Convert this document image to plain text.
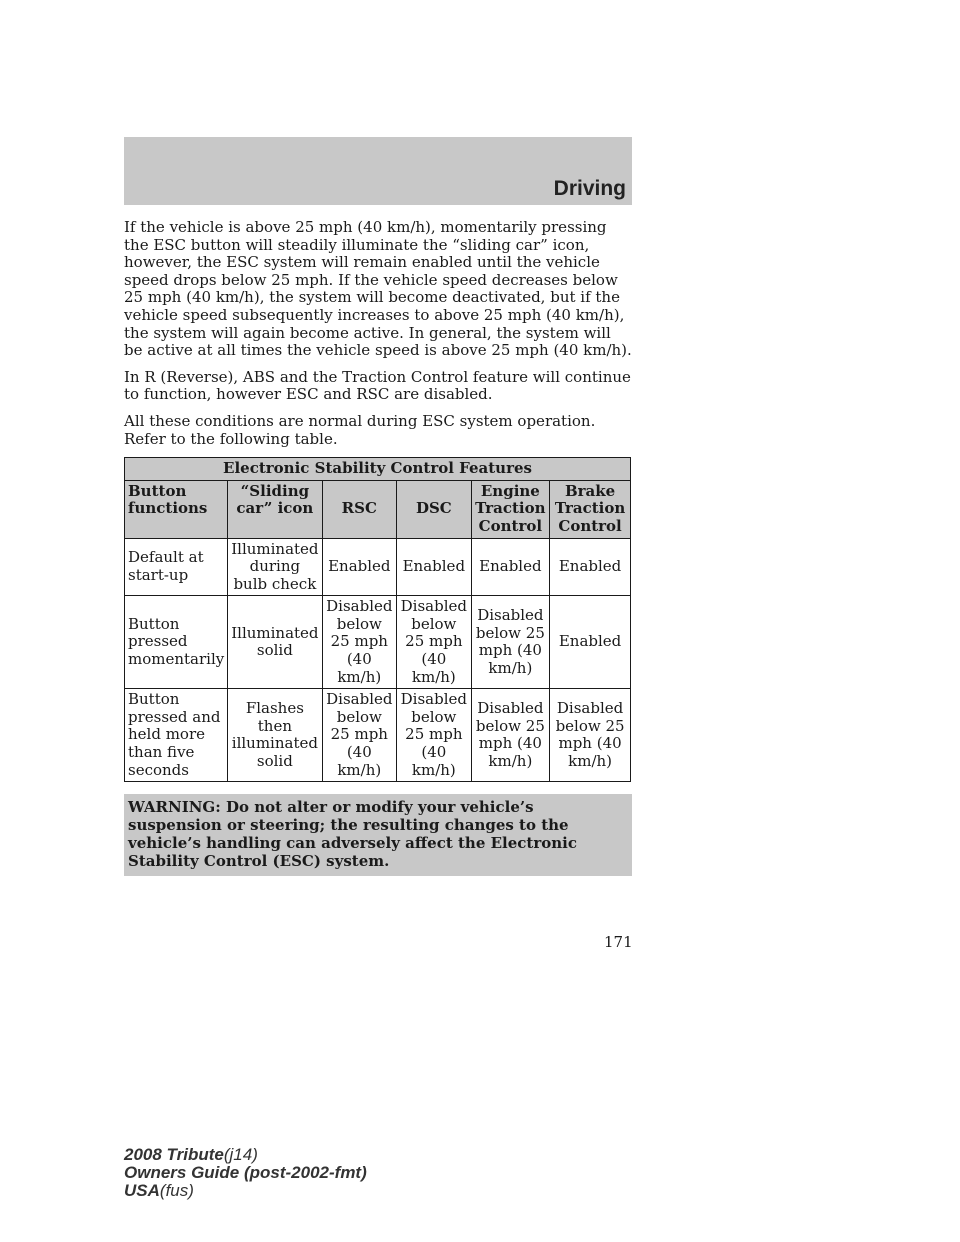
Driving

If the vehicle is above 25 mph (40 km/h), momentarily pressing the ESC button will steadily illuminate the “sliding car” icon, however, the ESC system will remain enabled until the vehicle speed drops below 25 mph. If the vehicle speed decreases below 25 mph (40 km/h), the system will become deactivated, but if the vehicle speed subsequently increases to above 25 mph (40 km/h), the system will again become active. In general, the system will be active at all times the vehicle speed is above 25 mph (40 km/h).

In R (Reverse), ABS and the Traction Control feature will continue to function, however ESC and RSC are disabled.

All these conditions are normal during ESC system operation. Refer to the following table.

Electronic Stability Control Features					
Button functions	“Sliding car” icon	RSC	DSC	Engine Traction Control	Brake Traction Control
Default at start-up	Illuminated during bulb check	Enabled	Enabled	Enabled	Enabled
Button pressed momentarily	Illuminated solid	Disabled below 25 mph (40 km/h)	Disabled below 25 mph (40 km/h)	Disabled below 25 mph (40 km/h)	Enabled
Button pressed and held more than five seconds	Flashes then illuminated solid	Disabled below 25 mph (40 km/h)	Disabled below 25 mph (40 km/h)	Disabled below 25 mph (40 km/h)	Disabled below 25 mph (40 km/h)
WARNING: Do not alter or modify your vehicle’s suspension or steering; the resulting changes to the vehicle’s handling can adversely affect the Electronic Stability Control (ESC) system.
171
2008 Tribute(j14)
Owners Guide (post-2002-fmt)
USA(fus)
